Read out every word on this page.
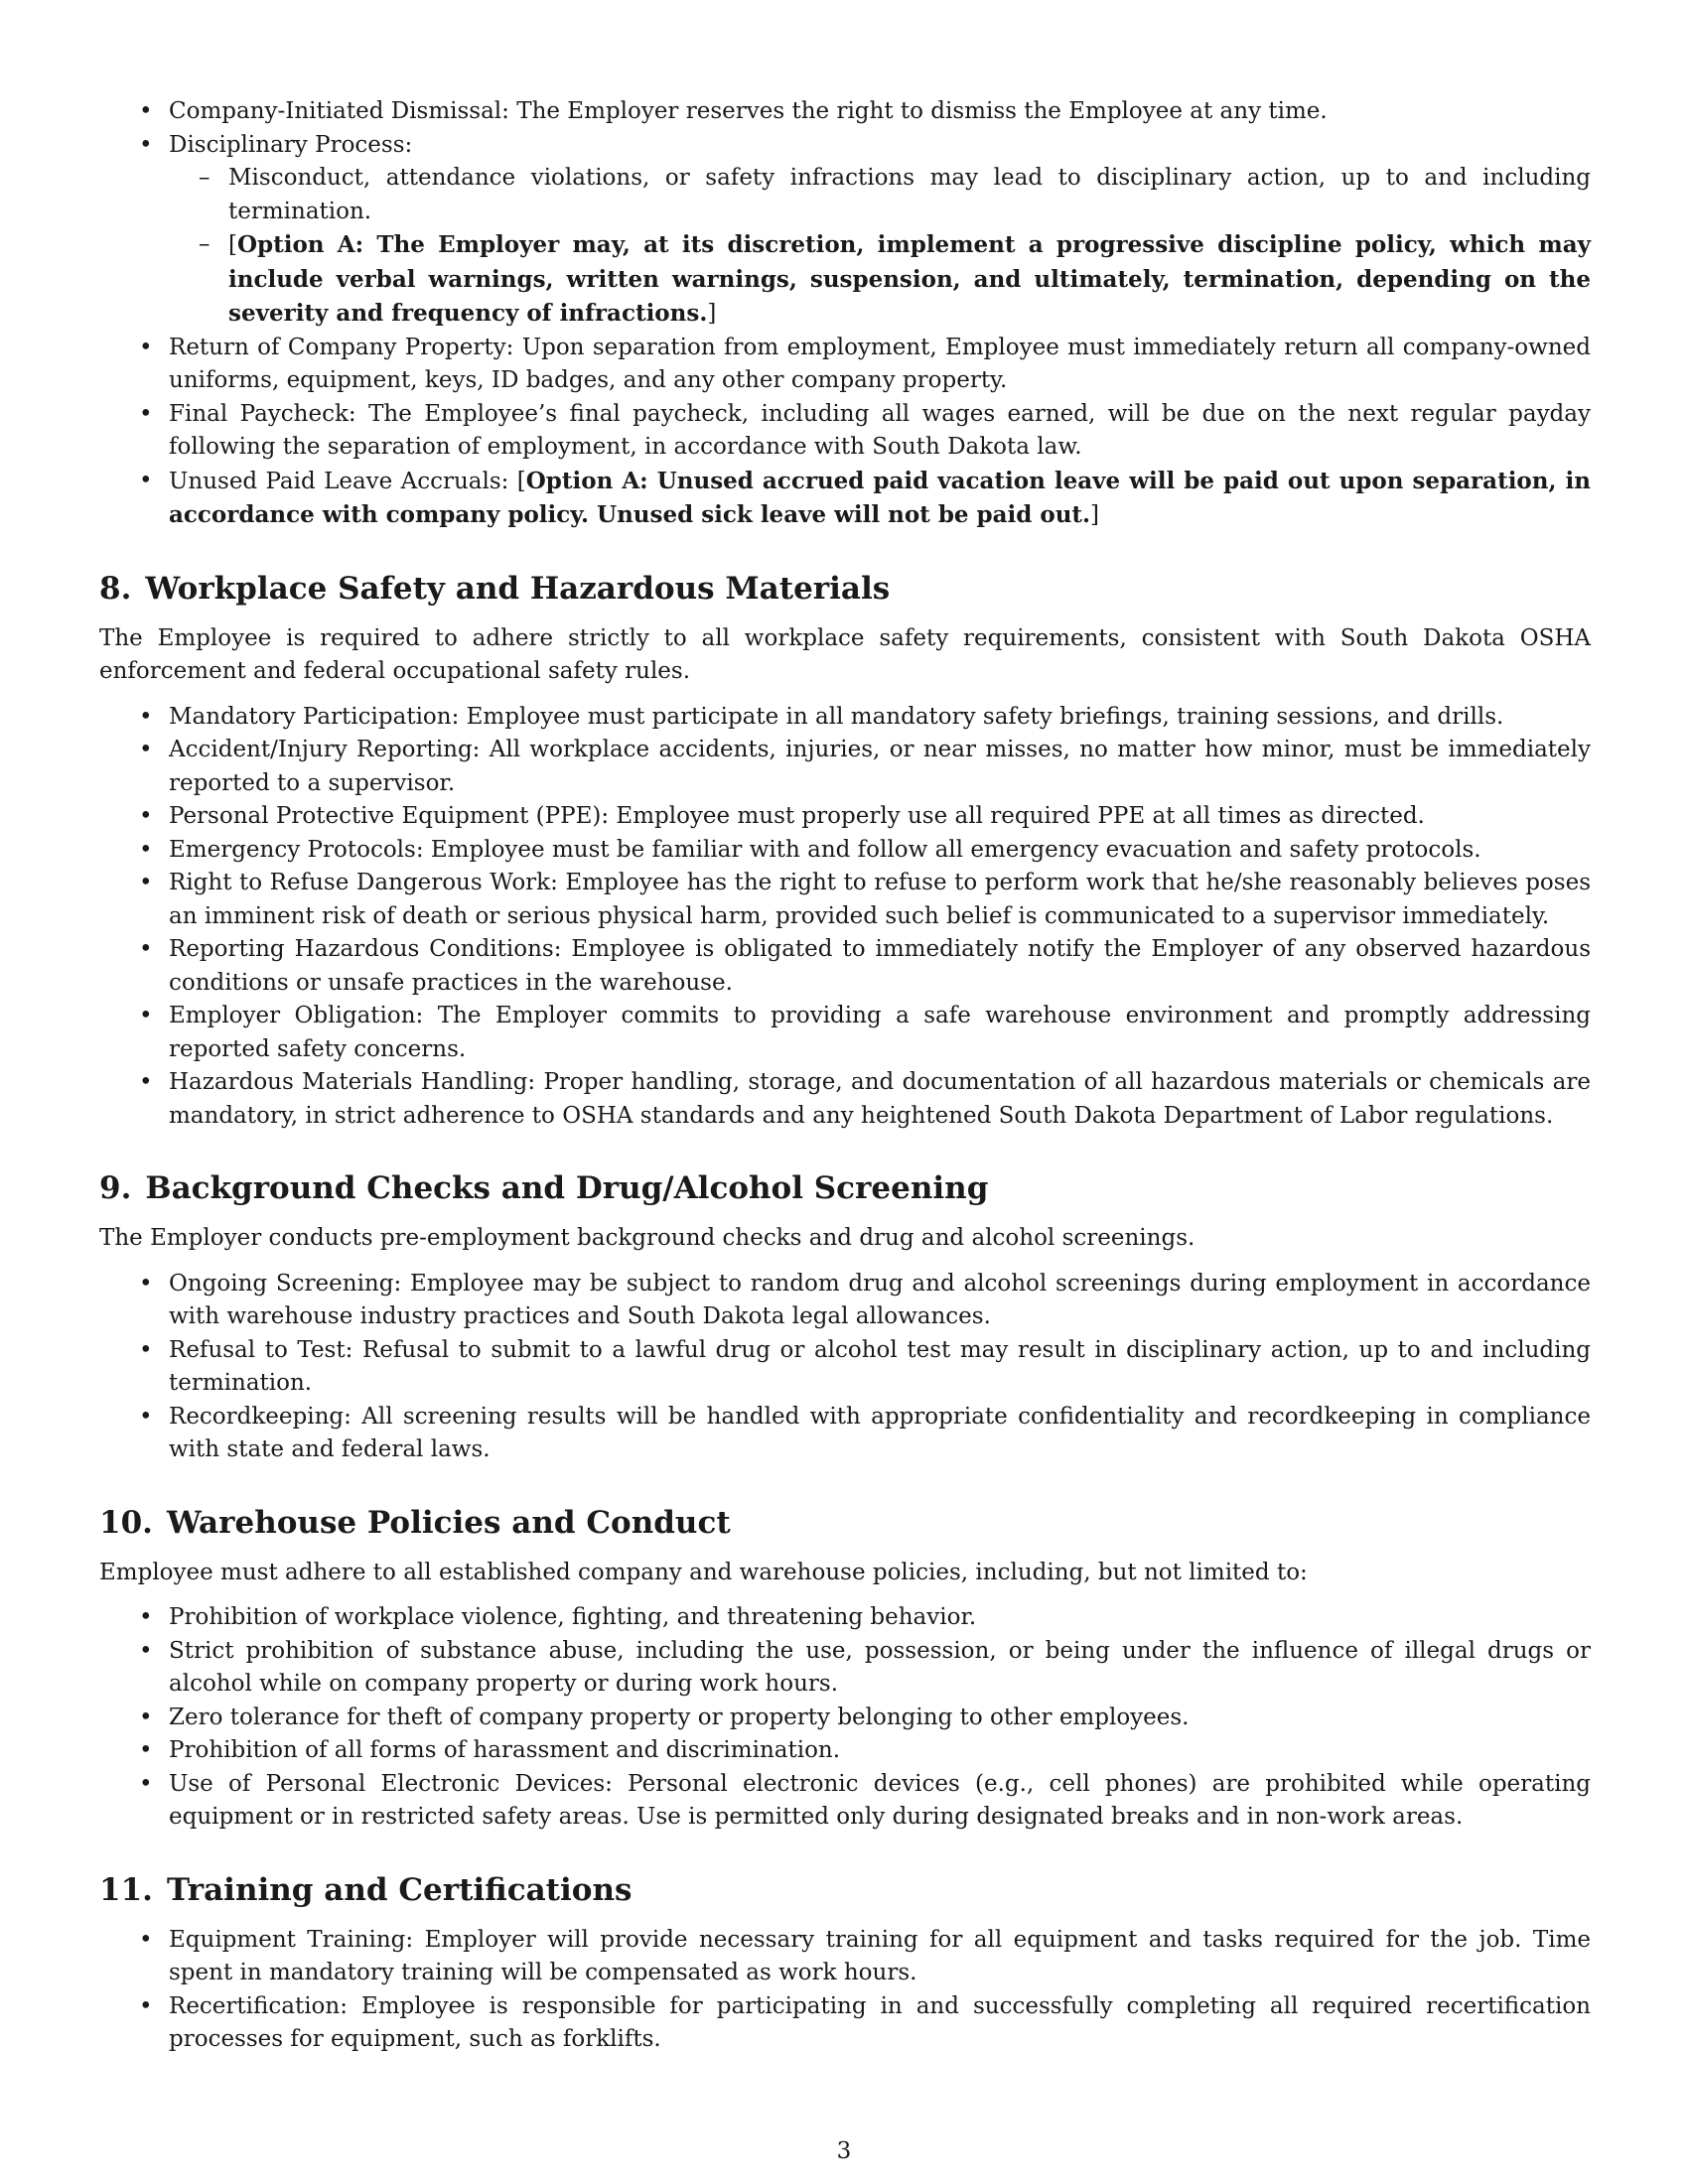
• Company-Initiated Dismissal: The Employer reserves the right to dismiss the Employee at any time.
• Disciplinary Process:
– Misconduct, attendance violations, or safety infractions may lead to disciplinary action, up to and including termination.
– [Option A: The Employer may, at its discretion, implement a progressive discipline policy, which may include verbal warnings, written warnings, suspension, and ultimately, termination, depending on the severity and frequency of infractions.]
• Return of Company Property: Upon separation from employment, Employee must immediately return all company-owned uniforms, equipment, keys, ID badges, and any other company property.
• Final Paycheck: The Employee’s final paycheck, including all wages earned, will be due on the next regular payday following the separation of employment, in accordance with South Dakota law.
• Unused Paid Leave Accruals: [Option A: Unused accrued paid vacation leave will be paid out upon separation, in accordance with company policy. Unused sick leave will not be paid out.]
8. Workplace Safety and Hazardous Materials

The Employee is required to adhere strictly to all workplace safety requirements, consistent with South Dakota OSHA enforcement and federal occupational safety rules.

• Mandatory Participation: Employee must participate in all mandatory safety briefings, training sessions, and drills.
• Accident/Injury Reporting: All workplace accidents, injuries, or near misses, no matter how minor, must be immediately reported to a supervisor.
• Personal Protective Equipment (PPE): Employee must properly use all required PPE at all times as directed.
• Emergency Protocols: Employee must be familiar with and follow all emergency evacuation and safety protocols.
• Right to Refuse Dangerous Work: Employee has the right to refuse to perform work that he/she reasonably believes poses an imminent risk of death or serious physical harm, provided such belief is communicated to a supervisor immediately.
• Reporting Hazardous Conditions: Employee is obligated to immediately notify the Employer of any observed hazardous conditions or unsafe practices in the warehouse.
• Employer Obligation: The Employer commits to providing a safe warehouse environment and promptly addressing reported safety concerns.
• Hazardous Materials Handling: Proper handling, storage, and documentation of all hazardous materials or chemicals are mandatory, in strict adherence to OSHA standards and any heightened South Dakota Department of Labor regulations.
9. Background Checks and Drug/Alcohol Screening

The Employer conducts pre-employment background checks and drug and alcohol screenings.

• Ongoing Screening: Employee may be subject to random drug and alcohol screenings during employment in accordance with warehouse industry practices and South Dakota legal allowances.
• Refusal to Test: Refusal to submit to a lawful drug or alcohol test may result in disciplinary action, up to and including termination.
• Recordkeeping: All screening results will be handled with appropriate confidentiality and recordkeeping in compliance with state and federal laws.
10. Warehouse Policies and Conduct

Employee must adhere to all established company and warehouse policies, including, but not limited to:

• Prohibition of workplace violence, fighting, and threatening behavior.
• Strict prohibition of substance abuse, including the use, possession, or being under the influence of illegal drugs or alcohol while on company property or during work hours.
• Zero tolerance for theft of company property or property belonging to other employees.
• Prohibition of all forms of harassment and discrimination.
• Use of Personal Electronic Devices: Personal electronic devices (e.g., cell phones) are prohibited while operating equipment or in restricted safety areas. Use is permitted only during designated breaks and in non-work areas.
11. Training and Certifications
• Equipment Training: Employer will provide necessary training for all equipment and tasks required for the job. Time spent in mandatory training will be compensated as work hours.
• Recertification: Employee is responsible for participating in and successfully completing all required recertification processes for equipment, such as forklifts.
3
